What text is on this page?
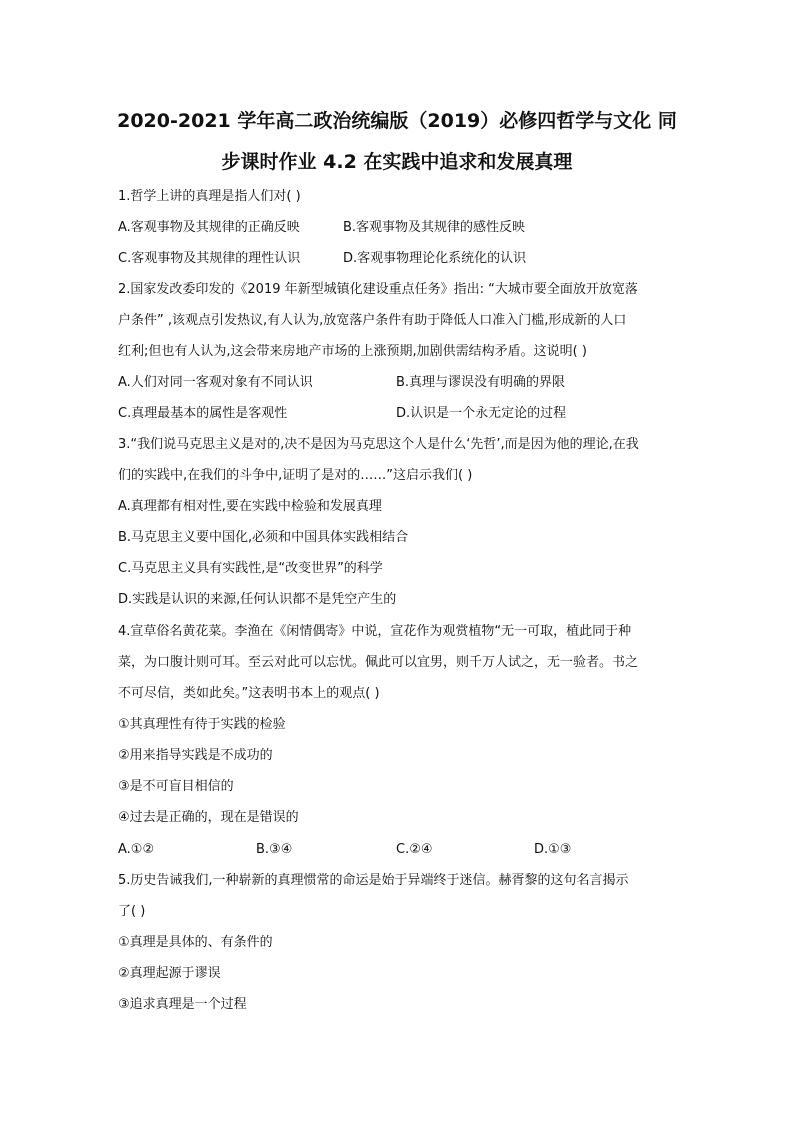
2020-2021 学年高二政治统编版（2019）必修四哲学与文化 同
步课时作业 4.2 在实践中追求和发展真理
1.哲学上讲的真理是指人们对( )
A.客观事物及其规律的正确反映	B.客观事物及其规律的感性反映
C.客观事物及其规律的理性认识	D.客观事物理论化系统化的认识
2.国家发改委印发的《2019 年新型城镇化建设重点任务》指出: “大城市要全面放开放宽落
户条件” ,该观点引发热议,有人认为,放宽落户条件有助于降低人口准入门槛,形成新的人口
红利;但也有人认为,这会带来房地产市场的上涨预期,加剧供需结构矛盾。这说明( )
A.人们对同一客观对象有不同认识	B.真理与谬误没有明确的界限
C.真理最基本的属性是客观性	D.认识是一个永无定论的过程
3.“我们说马克思主义是对的,决不是因为马克思这个人是什么‘先哲’,而是因为他的理论,在我
们的实践中,在我们的斗争中,证明了是对的……”这启示我们( )
A.真理都有相对性,要在实践中检验和发展真理
B.马克思主义要中国化,必须和中国具体实践相结合
C.马克思主义具有实践性,是“改变世界”的科学
D.实践是认识的来源,任何认识都不是凭空产生的
4.宣草俗名黄花菜。李渔在《闲情偶寄》中说，宣花作为观赏植物“无一可取，植此同于种
菜，为口腹计则可耳。至云对此可以忘忧。佩此可以宜男，则千万人试之，无一验者。书之
不可尽信，类如此矣。”这表明书本上的观点( )
①其真理性有待于实践的检验
②用来指导实践是不成功的
③是不可盲目相信的
④过去是正确的，现在是错误的
A.①②	B.③④	C.②④	D.①③
5.历史告诫我们,一种崭新的真理惯常的命运是始于异端终于迷信。赫胥黎的这句名言揭示
了( )
①真理是具体的、有条件的
②真理起源于谬误
③追求真理是一个过程
